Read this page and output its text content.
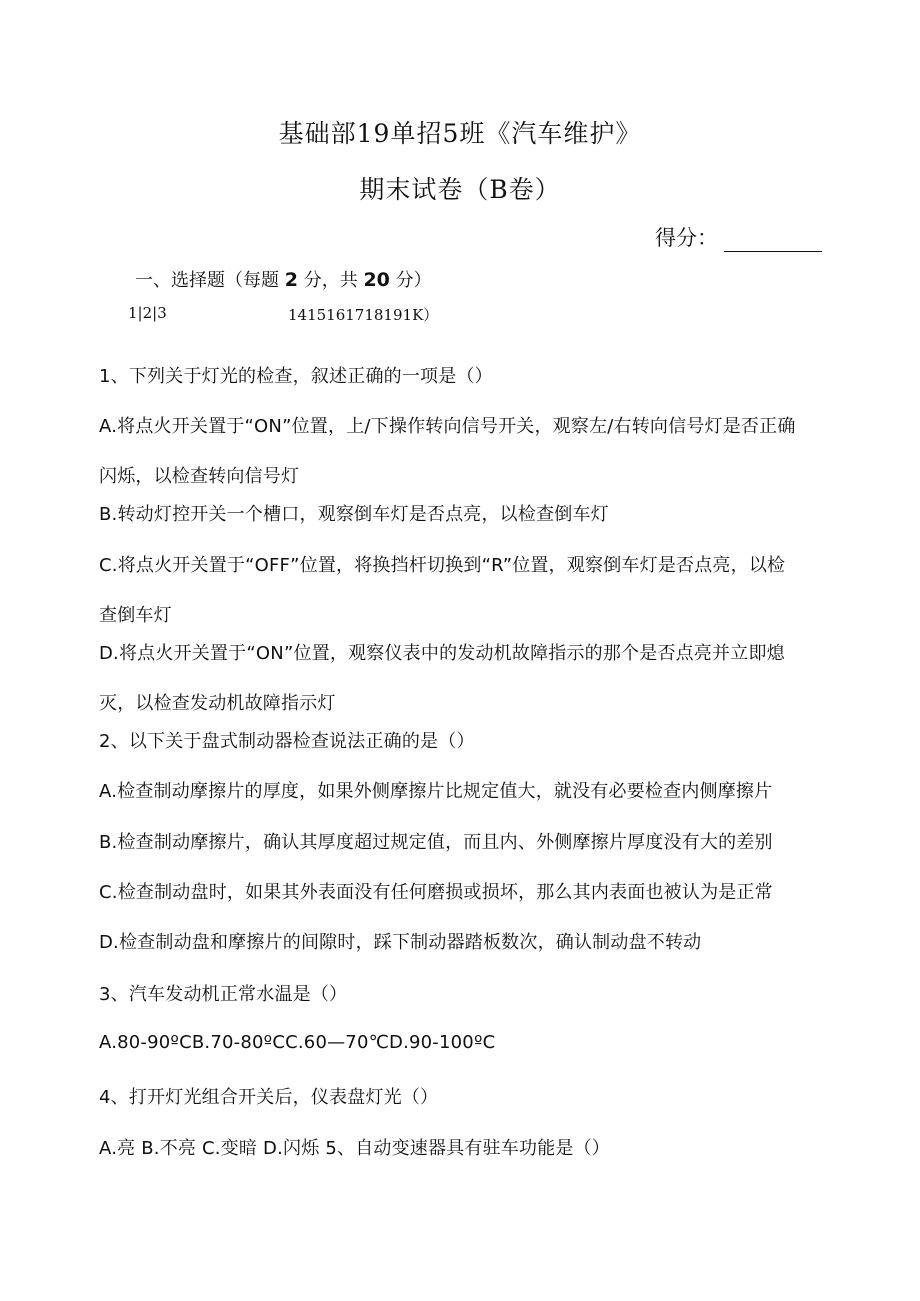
基础部19单招5班《汽车维护》
期末试卷（B卷）
得分：
一、选择题（每题 2 分，共 20 分）
1|2|3	1415161718191K）
1、下列关于灯光的检查，叙述正确的一项是（）
A.将点火开关置于“ON”位置，上/下操作转向信号开关，观察左/右转向信号灯是否正确
闪烁，以检查转向信号灯
B.转动灯控开关一个槽口，观察倒车灯是否点亮，以检查倒车灯
C.将点火开关置于“OFF”位置，将换挡杆切换到“R”位置，观察倒车灯是否点亮，以检
查倒车灯
D.将点火开关置于“ON”位置，观察仪表中的发动机故障指示的那个是否点亮并立即熄
灭，以检查发动机故障指示灯
2、以下关于盘式制动器检查说法正确的是（）
A.检查制动摩擦片的厚度，如果外侧摩擦片比规定值大，就没有必要检查内侧摩擦片
B.检查制动摩擦片，确认其厚度超过规定值，而且内、外侧摩擦片厚度没有大的差别
C.检查制动盘时，如果其外表面没有任何磨损或损坏，那么其内表面也被认为是正常
D.检查制动盘和摩擦片的间隙时，踩下制动器踏板数次，确认制动盘不转动
3、汽车发动机正常水温是（）
A.80-90ºCB.70-80ºCC.60—70℃D.90-100ºC
4、打开灯光组合开关后，仪表盘灯光（）
A.亮 B.不亮 C.变暗 D.闪烁 5、自动变速器具有驻车功能是（）
